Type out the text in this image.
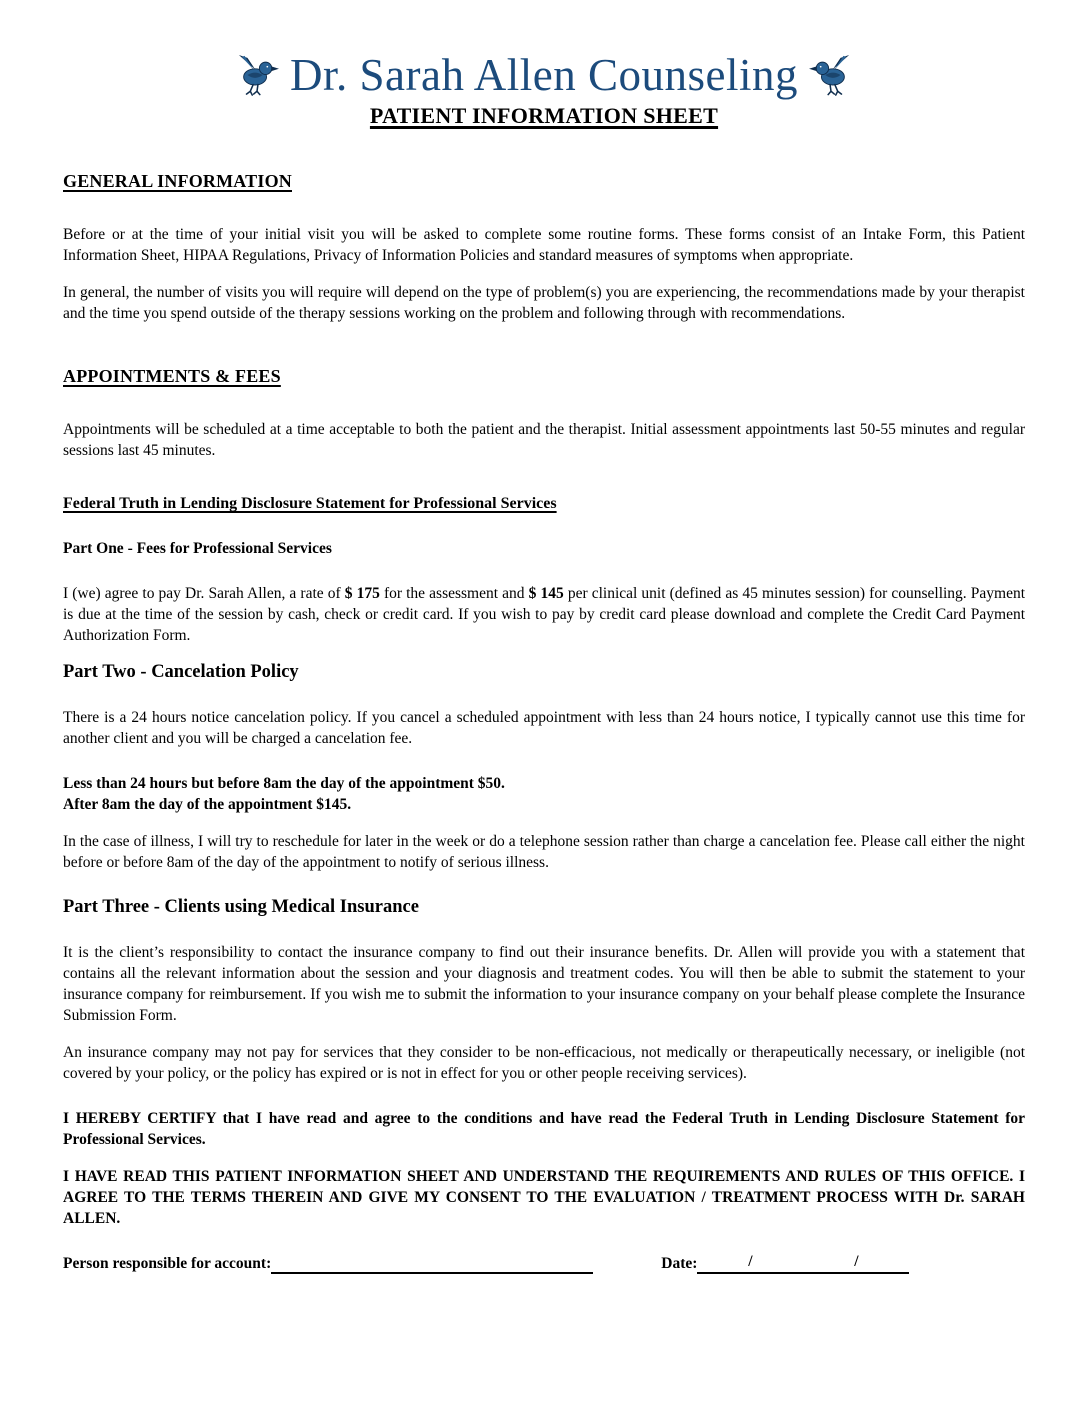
Dr. Sarah Allen Counseling
PATIENT INFORMATION SHEET
GENERAL INFORMATION

Before or at the time of your initial visit you will be asked to complete some routine forms. These forms consist of an Intake Form, this Patient Information Sheet, HIPAA Regulations, Privacy of Information Policies and standard measures of symptoms when appropriate.

In general, the number of visits you will require will depend on the type of problem(s) you are experiencing, the recommendations made by your therapist and the time you spend outside of the therapy sessions working on the problem and following through with recommendations.

APPOINTMENTS & FEES

Appointments will be scheduled at a time acceptable to both the patient and the therapist. Initial assessment appointments last 50-55 minutes and regular sessions last 45 minutes.

Federal Truth in Lending Disclosure Statement for Professional Services
Part One - Fees for Professional Services

I (we) agree to pay Dr. Sarah Allen, a rate of $ 175 for the assessment and $ 145 per clinical unit (defined as 45 minutes session) for counselling. Payment is due at the time of the session by cash, check or credit card. If you wish to pay by credit card please download and complete the Credit Card Payment Authorization Form.

Part Two - Cancelation Policy

There is a 24 hours notice cancelation policy. If you cancel a scheduled appointment with less than 24 hours notice, I typically cannot use this time for another client and you will be charged a cancelation fee.

Less than 24 hours but before 8am the day of the appointment $50.
After 8am the day of the appointment $145.

In the case of illness, I will try to reschedule for later in the week or do a telephone session rather than charge a cancelation fee. Please call either the night before or before 8am of the day of the appointment to notify of serious illness.

Part Three - Clients using Medical Insurance

It is the client’s responsibility to contact the insurance company to find out their insurance benefits. Dr. Allen will provide you with a statement that contains all the relevant information about the session and your diagnosis and treatment codes. You will then be able to submit the statement to your insurance company for reimbursement. If you wish me to submit the information to your insurance company on your behalf please complete the Insurance Submission Form.

An insurance company may not pay for services that they consider to be non-efficacious, not medically or therapeutically necessary, or ineligible (not covered by your policy, or the policy has expired or is not in effect for you or other people receiving services).

I HEREBY CERTIFY that I have read and agree to the conditions and have read the Federal Truth in Lending Disclosure Statement for Professional Services.

I HAVE READ THIS PATIENT INFORMATION SHEET AND UNDERSTAND THE REQUIREMENTS AND RULES OF THIS OFFICE. I AGREE TO THE TERMS THEREIN AND GIVE MY CONSENT TO THE EVALUATION / TREATMENT PROCESS WITH Dr. SARAH ALLEN.

Person responsible for account:	Date:	/	/
